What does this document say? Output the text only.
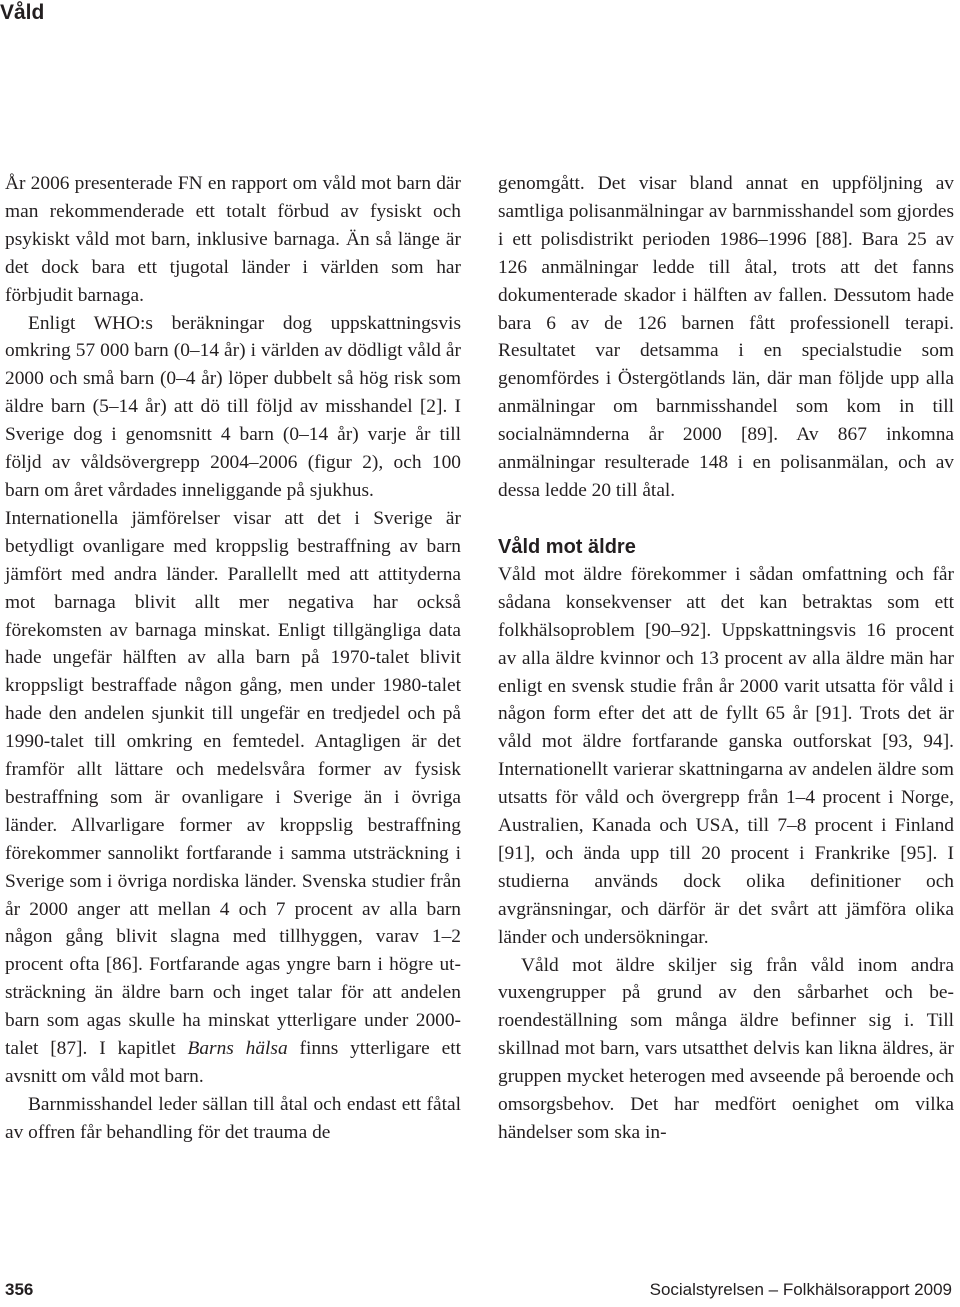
Våld

År 2006 presenterade FN en rapport om våld mot barn där man rekommenderade ett totalt förbud av fysiskt och psykiskt våld mot barn, inklusive barnaga. Än så länge är det dock bara ett tjugotal länder i världen som har förbjudit barnaga.

Enligt WHO:s beräkningar dog uppskattningsvis omkring 57 000 barn (0–14 år) i världen av dödligt våld år 2000 och små barn (0–4 år) löper dubbelt så hög risk som äldre barn (5–14 år) att dö till följd av misshandel [2]. I Sverige dog i genomsnitt 4 barn (0–14 år) varje år till följd av våldsövergrepp 2004–2006 (figur 2), och 100 barn om året vårdades inneliggande på sjukhus.

Internationella jämförelser visar att det i Sverige är betydligt ovanligare med kroppslig bestraffning av barn jämfört med andra länder. Parallellt med att attityderna mot barnaga blivit allt mer negativa har också förekomsten av barnaga minskat. Enligt tillgängliga data hade ungefär hälften av alla barn på 1970-talet blivit kroppsligt bestraffade någon gång, men under 1980-talet hade den andelen sjunkit till ungefär en tredjedel och på 1990-talet till omkring en femtedel. Antagligen är det framför allt lättare och medelsvåra former av fysisk bestraffning som är ovanligare i Sverige än i övriga länder. Allvarligare former av kroppslig bestraffning förekommer sannolikt fortfarande i samma utsträckning i Sverige som i övriga nordiska länder. Svenska studier från år 2000 anger att mellan 4 och 7 procent av alla barn någon gång blivit slagna med tillhyggen, varav 1–2 procent ofta [86]. Fortfarande agas yngre barn i högre utsträckning än äldre barn och inget talar för att andelen barn som agas skulle ha minskat ytterligare under 2000-talet [87]. I kapitlet Barns hälsa finns ytterligare ett avsnitt om våld mot barn.

Barnmisshandel leder sällan till åtal och endast ett fåtal av offren får behandling för det trauma de

genomgått. Det visar bland annat en uppföljning av samtliga polisanmälningar av barnmisshandel som gjordes i ett polisdistrikt perioden 1986–1996 [88]. Bara 25 av 126 anmälningar ledde till åtal, trots att det fanns dokumenterade skador i hälften av fallen. Dessutom hade bara 6 av de 126 barnen fått professionell terapi. Resultatet var detsamma i en specialstudie som genomfördes i Östergötlands län, där man följde upp alla anmälningar om barnmisshandel som kom in till socialnämnderna år 2000 [89]. Av 867 inkomna anmälningar resulterade 148 i en polisanmälan, och av dessa ledde 20 till åtal.

Våld mot äldre

Våld mot äldre förekommer i sådan omfattning och får sådana konsekvenser att det kan betraktas som ett folkhälsoproblem [90–92]. Uppskattningsvis 16 procent av alla äldre kvinnor och 13 procent av alla äldre män har enligt en svensk studie från år 2000 varit utsatta för våld i någon form efter det att de fyllt 65 år [91]. Trots det är våld mot äldre fortfarande ganska outforskat [93, 94]. Internationellt varierar skattningarna av andelen äldre som utsatts för våld och övergrepp från 1–4 procent i Norge, Australien, Kanada och USA, till 7–8 procent i Finland [91], och ända upp till 20 procent i Frankrike [95]. I studierna används dock olika definitioner och avgränsningar, och därför är det svårt att jämföra olika länder och undersökningar.

Våld mot äldre skiljer sig från våld inom andra vuxengrupper på grund av den sårbarhet och beroendeställning som många äldre befinner sig i. Till skillnad mot barn, vars utsatthet delvis kan likna äldres, är gruppen mycket heterogen med avseende på beroende och omsorgsbehov. Det har medfört oenighet om vilka händelser som ska in-

356	Socialstyrelsen – Folkhälsorapport 2009
